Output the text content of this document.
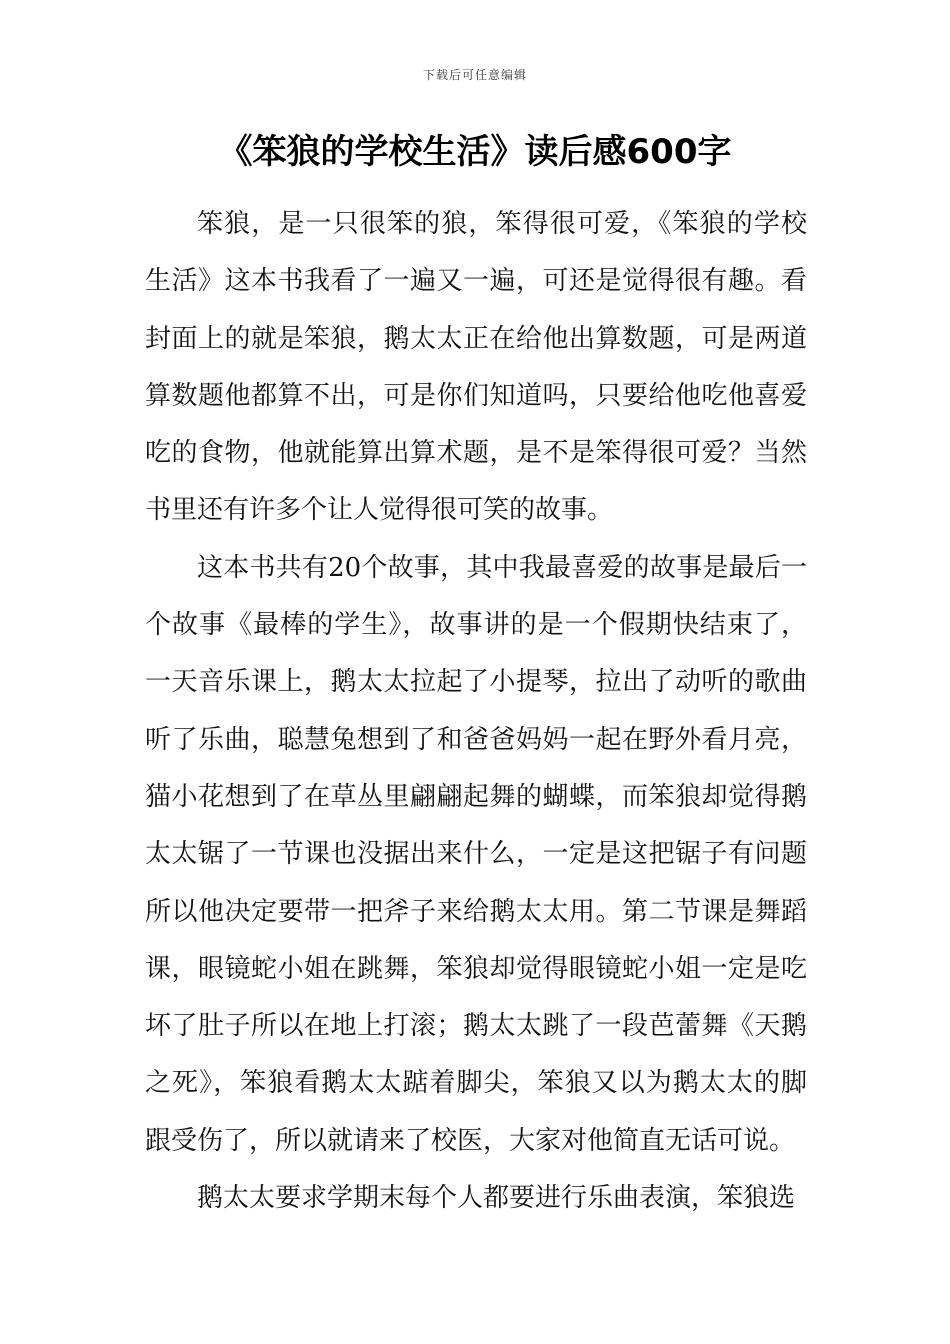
下载后可任意编辑
《笨狼的学校生活》读后感600字

笨狼，是一只很笨的狼，笨得很可爱，《笨狼的学校生活》这本书我看了一遍又一遍，可还是觉得很有趣。看封面上的就是笨狼，鹅太太正在给他出算数题，可是两道算数题他都算不出，可是你们知道吗，只要给他吃他喜爱吃的食物，他就能算出算术题，是不是笨得很可爱？当然书里还有许多个让人觉得很可笑的故事。

这本书共有20个故事，其中我最喜爱的故事是最后一个故事《最棒的学生》，故事讲的是一个假期快结束了，一天音乐课上，鹅太太拉起了小提琴，拉出了动听的歌曲听了乐曲，聪慧兔想到了和爸爸妈妈一起在野外看月亮，猫小花想到了在草丛里翩翩起舞的蝴蝶，而笨狼却觉得鹅太太锯了一节课也没据出来什么，一定是这把锯子有问题所以他决定要带一把斧子来给鹅太太用。第二节课是舞蹈课，眼镜蛇小姐在跳舞，笨狼却觉得眼镜蛇小姐一定是吃坏了肚子所以在地上打滚；鹅太太跳了一段芭蕾舞《天鹅之死》，笨狼看鹅太太踮着脚尖，笨狼又以为鹅太太的脚跟受伤了，所以就请来了校医，大家对他简直无话可说。

鹅太太要求学期末每个人都要进行乐曲表演，笨狼选
